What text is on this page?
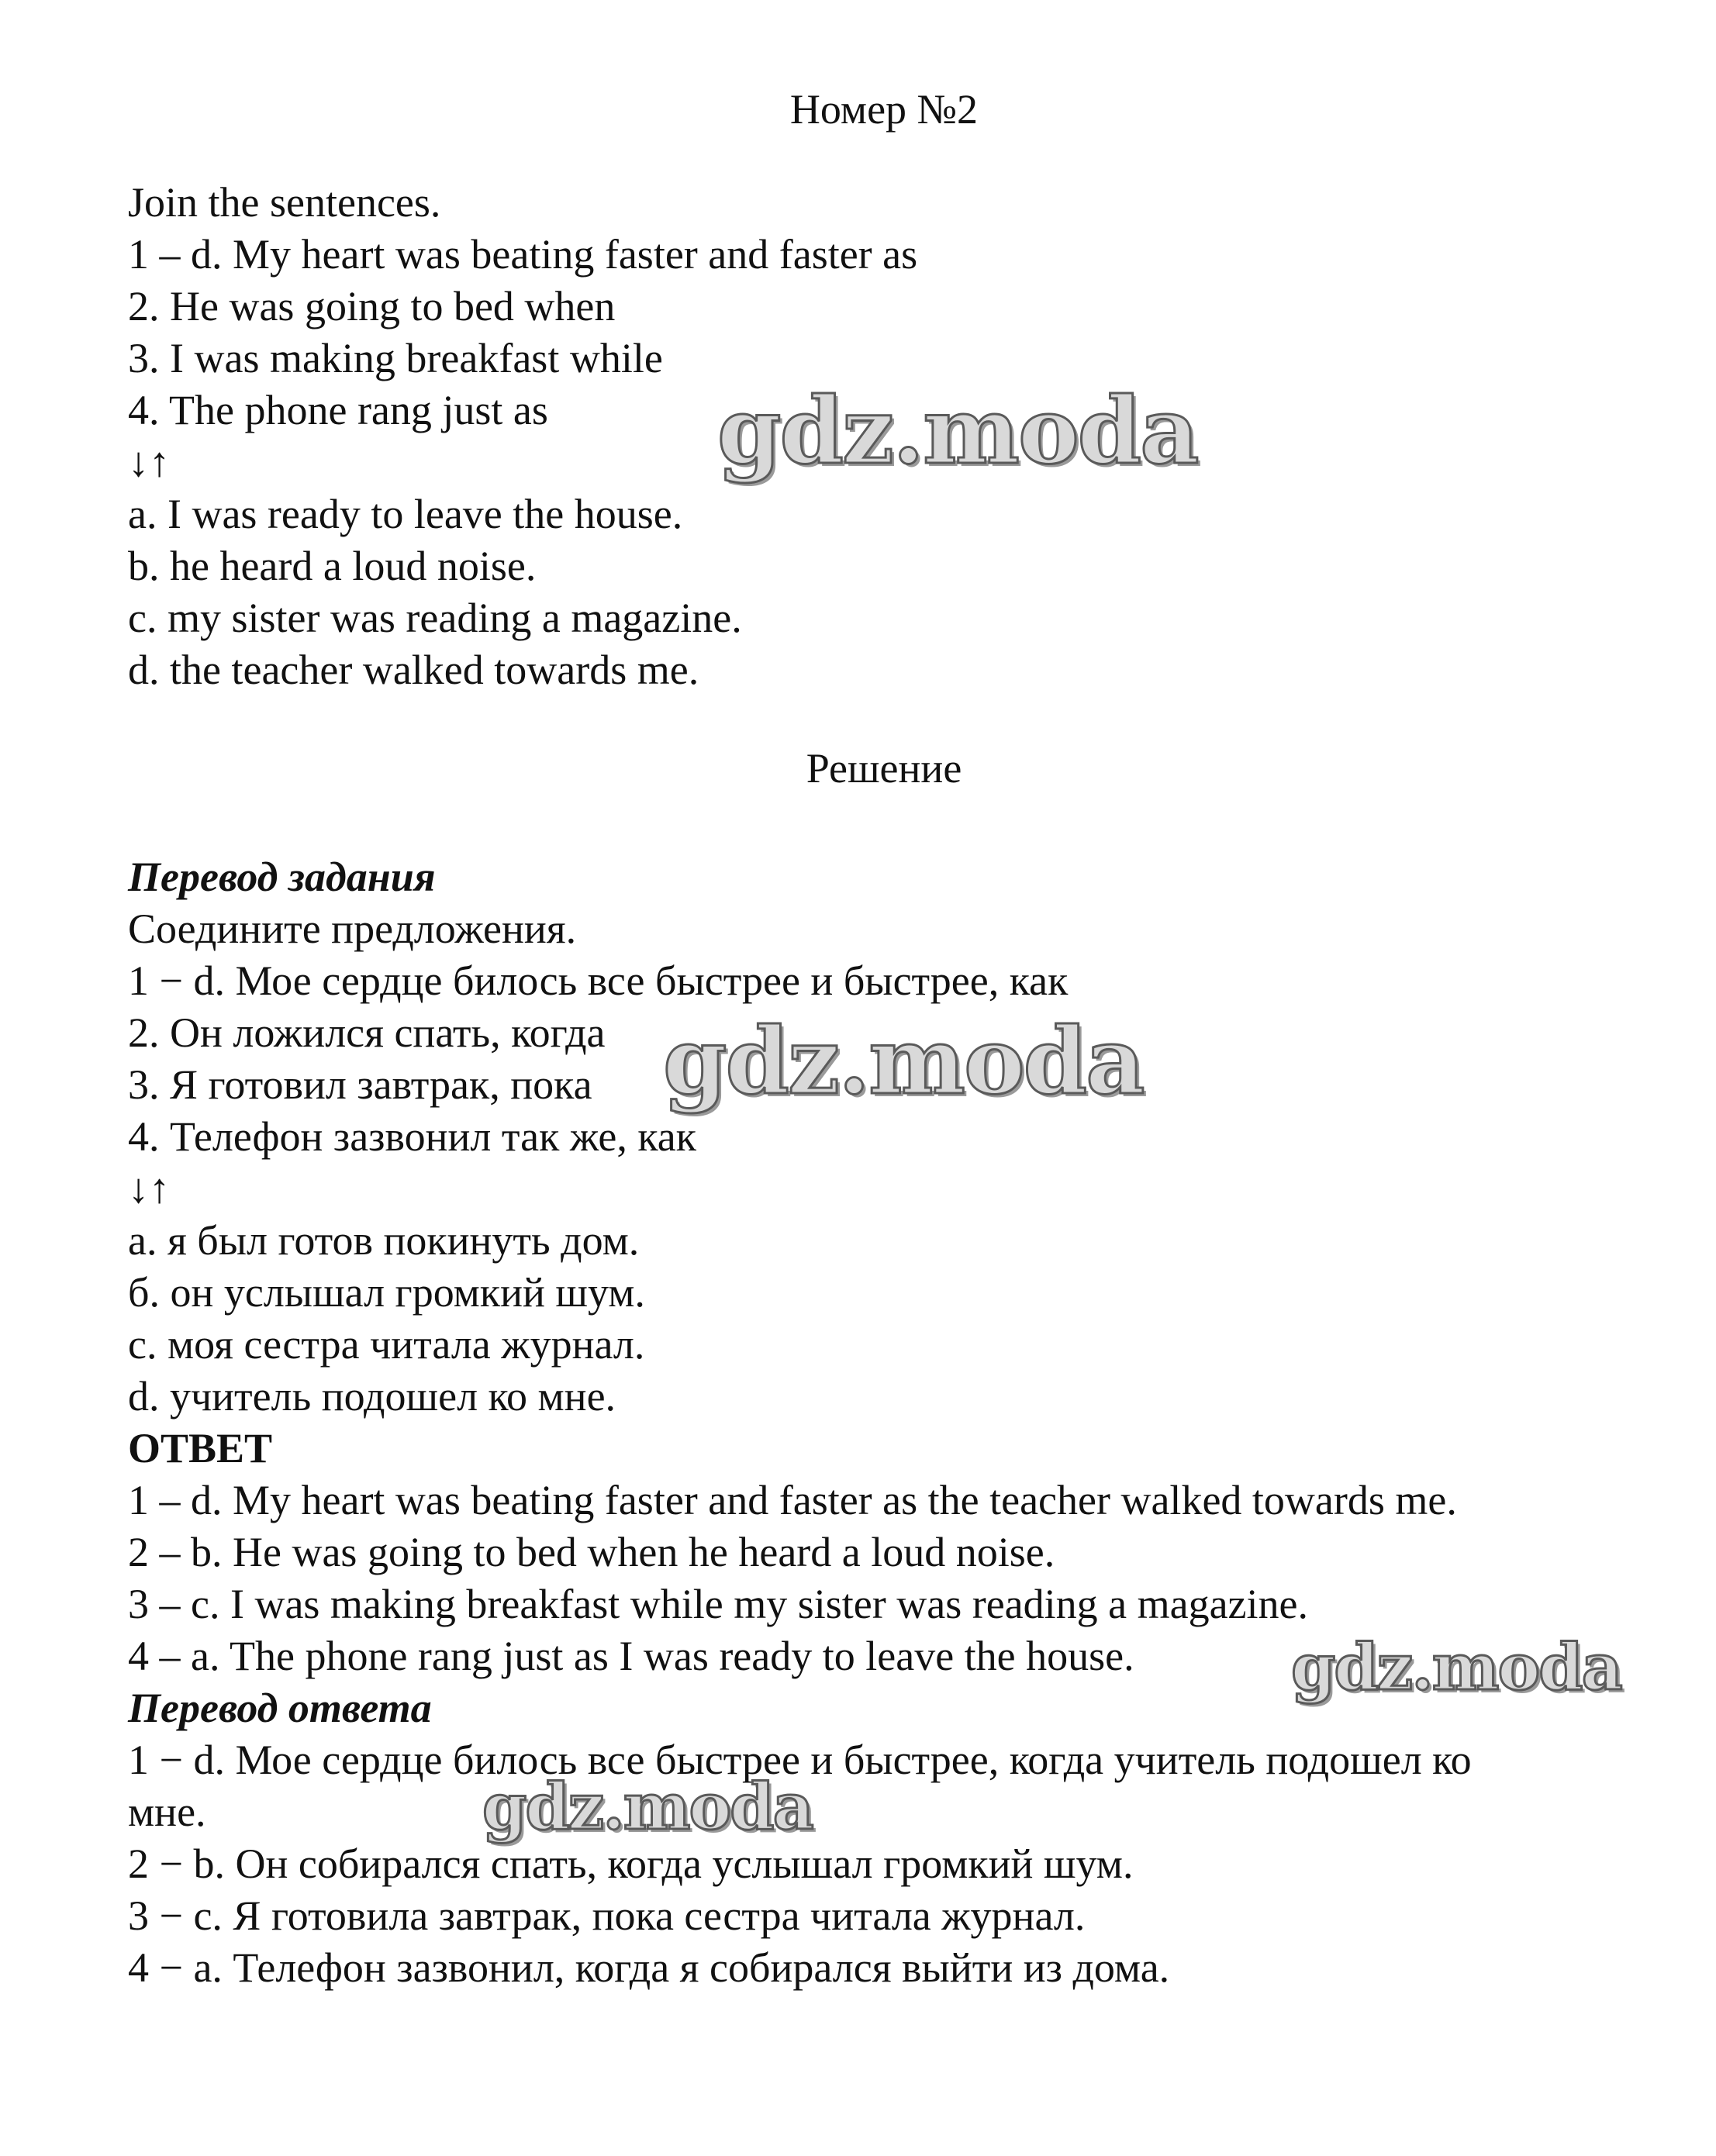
Номер №2

Join the sentences.

1 – d. My heart was beating faster and faster as

2. He was going to bed when

3. I was making breakfast while

4. The phone rang just as

↓↑

a. I was ready to leave the house.

b. he heard a loud noise.

c. my sister was reading a magazine.

d. the teacher walked towards me.

Решение

Перевод задания

Соедините предложения.

1 − d. Мое сердце билось все быстрее и быстрее, как

2. Он ложился спать, когда

3. Я готовил завтрак, пока

4. Телефон зазвонил так же, как

↓↑

а. я был готов покинуть дом.

б. он услышал громкий шум.

с. моя сестра читала журнал.

d. учитель подошел ко мне.

ОТВЕТ

1 – d. My heart was beating faster and faster as the teacher walked towards me.

2 – b. He was going to bed when he heard a loud noise.

3 – c. I was making breakfast while my sister was reading a magazine.

4 – a. The phone rang just as I was ready to leave the house.

Перевод ответа

1 − d. Мое сердце билось все быстрее и быстрее, когда учитель подошел ко

мне.

2 − b. Он собирался спать, когда услышал громкий шум.

3 − c. Я готовила завтрак, пока сестра читала журнал.

4 − a. Телефон зазвонил, когда я собирался выйти из дома.

gdz.moda
gdz.moda
gdz.moda
gdz.moda
